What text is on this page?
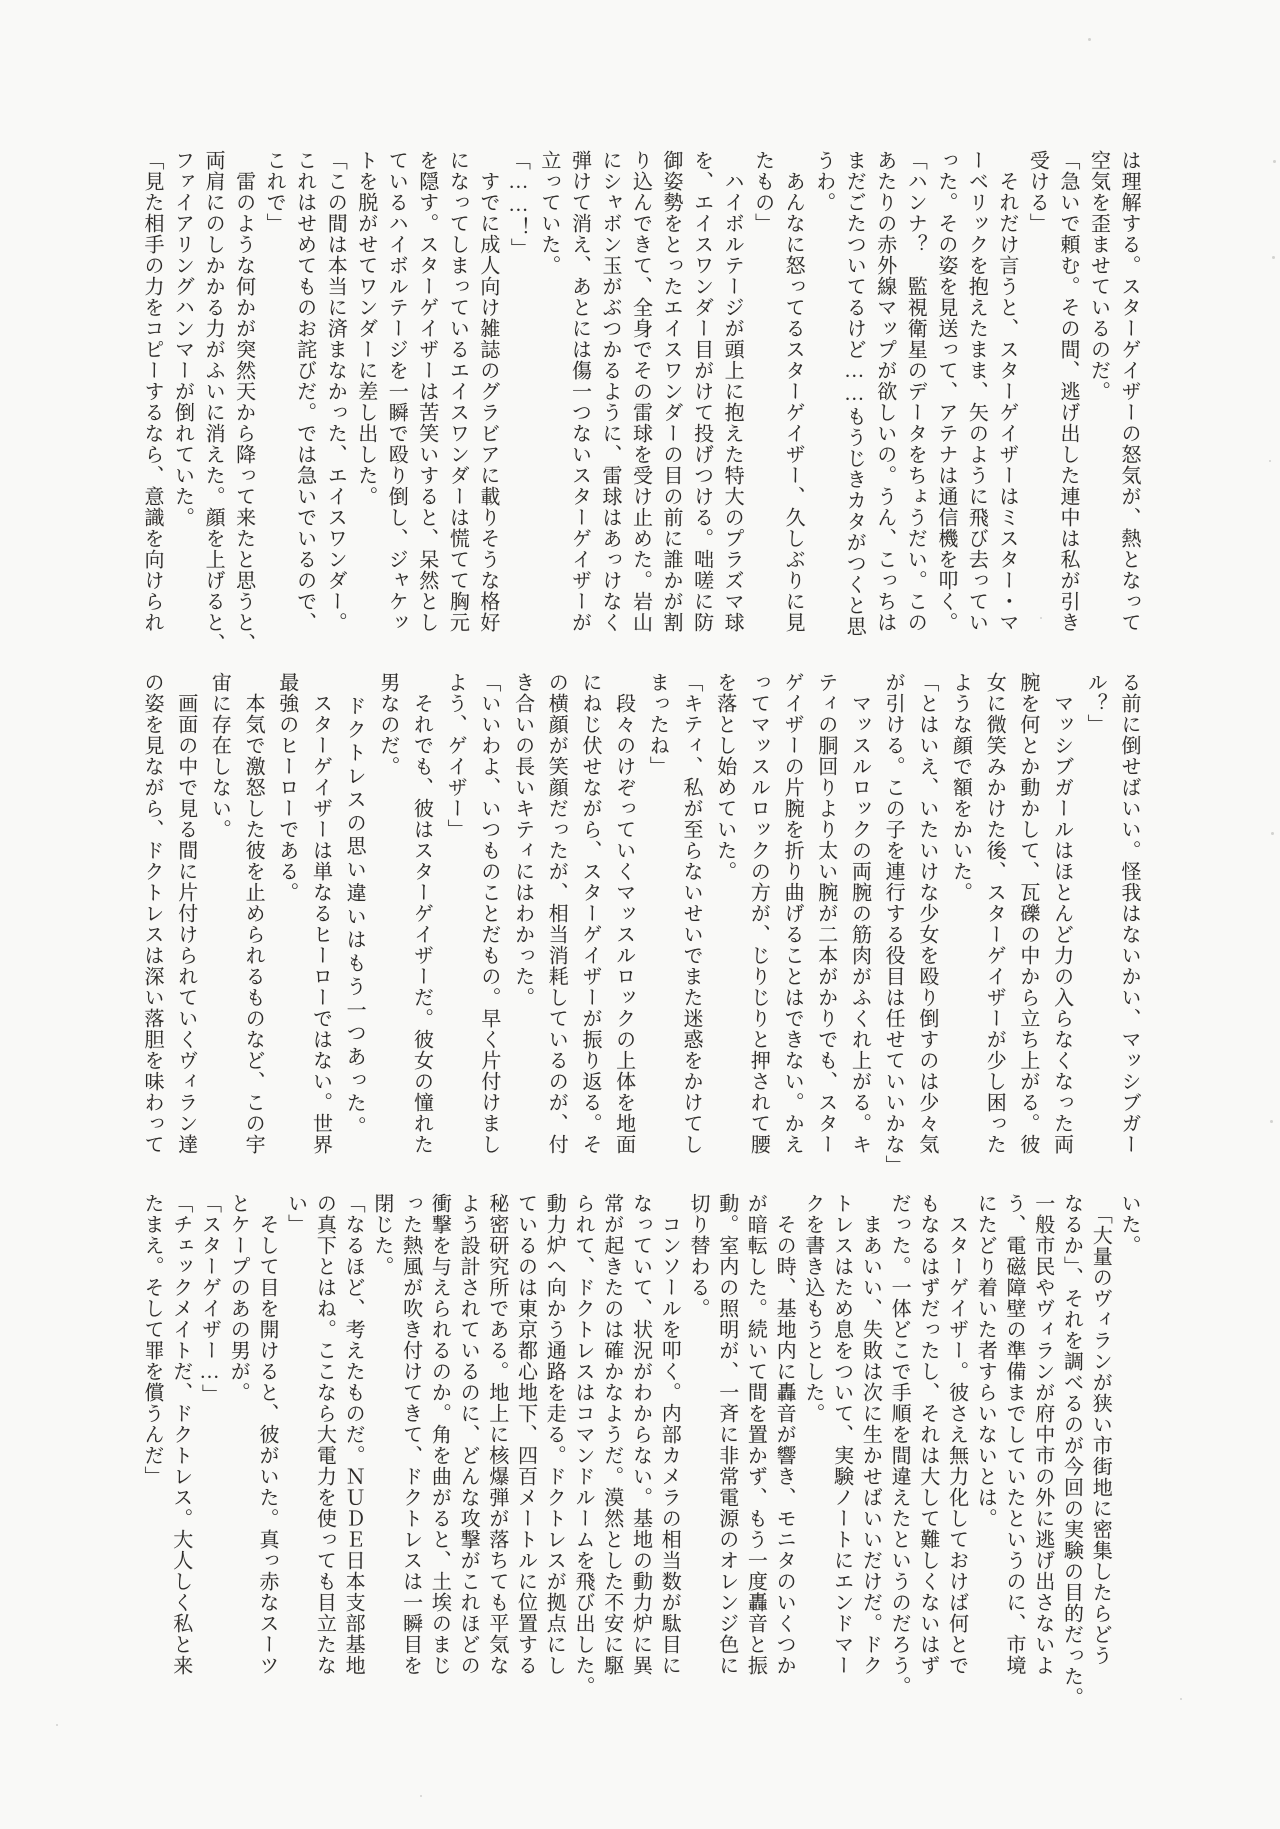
は理解する。スターゲイザーの怒気が、熱となって
空気を歪ませているのだ。
「急いで頼む。その間、逃げ出した連中は私が引き
受ける」
　それだけ言うと、スターゲイザーはミスター・マ
ーベリックを抱えたまま、矢のように飛び去ってい
った。その姿を見送って、アテナは通信機を叩く。
「ハンナ？　監視衛星のデータをちょうだい。この
あたりの赤外線マップが欲しいの。うん、こっちは
まだごたついてるけど……もうじきカタがつくと思
うわ。
　あんなに怒ってるスターゲイザー、久しぶりに見
たもの」
　ハイボルテージが頭上に抱えた特大のプラズマ球
を、エイスワンダー目がけて投げつける。咄嗟に防
御姿勢をとったエイスワンダーの目の前に誰かが割
り込んできて、全身でその雷球を受け止めた。岩山
にシャボン玉がぶつかるように、雷球はあっけなく
弾けて消え、あとには傷一つないスターゲイザーが
立っていた。
「……！」
　すでに成人向け雑誌のグラビアに載りそうな格好
になってしまっているエイスワンダーは慌てて胸元
を隠す。スターゲイザーは苦笑いすると、呆然とし
ているハイボルテージを一瞬で殴り倒し、ジャケッ
トを脱がせてワンダーに差し出した。
「この間は本当に済まなかった、エイスワンダー。
これはせめてものお詫びだ。では急いでいるので、
これで」
　雷のような何かが突然天から降って来たと思うと、
両肩にのしかかる力がふいに消えた。顔を上げると、
ファイアリングハンマーが倒れていた。
「見た相手の力をコピーするなら、意識を向けられ
る前に倒せばいい。怪我はないかい、マッシブガー
ル？」
　マッシブガールはほとんど力の入らなくなった両
腕を何とか動かして、瓦礫の中から立ち上がる。彼
女に微笑みかけた後、スターゲイザーが少し困った
ような顔で額をかいた。
「とはいえ、いたいけな少女を殴り倒すのは少々気
が引ける。この子を連行する役目は任せていいかな」
　マッスルロックの両腕の筋肉がふくれ上がる。キ
ティの胴回りより太い腕が二本がかりでも、スター
ゲイザーの片腕を折り曲げることはできない。かえ
ってマッスルロックの方が、じりじりと押されて腰
を落とし始めていた。
「キティ、私が至らないせいでまた迷惑をかけてし
まったね」
　段々のけぞっていくマッスルロックの上体を地面
にねじ伏せながら、スターゲイザーが振り返る。そ
の横顔が笑顔だったが、相当消耗しているのが、付
き合いの長いキティにはわかった。
「いいわよ、いつものことだもの。早く片付けまし
よう、ゲイザー」
　それでも、彼はスターゲイザーだ。彼女の憧れた
男なのだ。
　ドクトレスの思い違いはもう一つあった。
　スターゲイザーは単なるヒーローではない。世界
最強のヒーローである。
　本気で激怒した彼を止められるものなど、この宇
宙に存在しない。
　画面の中で見る間に片付けられていくヴィラン達
の姿を見ながら、ドクトレスは深い落胆を味わって
いた。
　「大量のヴィランが狭い市街地に密集したらどう
なるか」、それを調べるのが今回の実験の目的だった。
一般市民やヴィランが府中市の外に逃げ出さないよ
う、電磁障壁の準備までしていたというのに、市境
にたどり着いた者すらいないとは。
　スターゲイザー。彼さえ無力化しておけば何とで
もなるはずだったし、それは大して難しくないはず
だった。一体どこで手順を間違えたというのだろう。
　まあいい、失敗は次に生かせばいいだけだ。ドク
トレスはため息をついて、実験ノートにエンドマー
クを書き込もうとした。
　その時、基地内に轟音が響き、モニタのいくつか
が暗転した。続いて間を置かず、もう一度轟音と振
動。室内の照明が、一斉に非常電源のオレンジ色に
切り替わる。
　コンソールを叩く。内部カメラの相当数が駄目に
なっていて、状況がわからない。基地の動力炉に異
常が起きたのは確かなようだ。漠然とした不安に駆
られて、ドクトレスはコマンドルームを飛び出した。
動力炉へ向かう通路を走る。ドクトレスが拠点にし
ているのは東京都心地下、四百メートルに位置する
秘密研究所である。地上に核爆弾が落ちても平気な
よう設計されているのに、どんな攻撃がこれほどの
衝撃を与えられるのか。角を曲がると、土埃のまじ
った熱風が吹き付けてきて、ドクトレスは一瞬目を
閉じた。
「なるほど、考えたものだ。ＮＵＤＥ日本支部基地
の真下とはね。ここなら大電力を使っても目立たな
い」
　そして目を開けると、彼がいた。真っ赤なスーツ
とケープのあの男が。
「スターゲイザー…」
「チェックメイトだ、ドクトレス。大人しく私と来
たまえ。そして罪を償うんだ」
